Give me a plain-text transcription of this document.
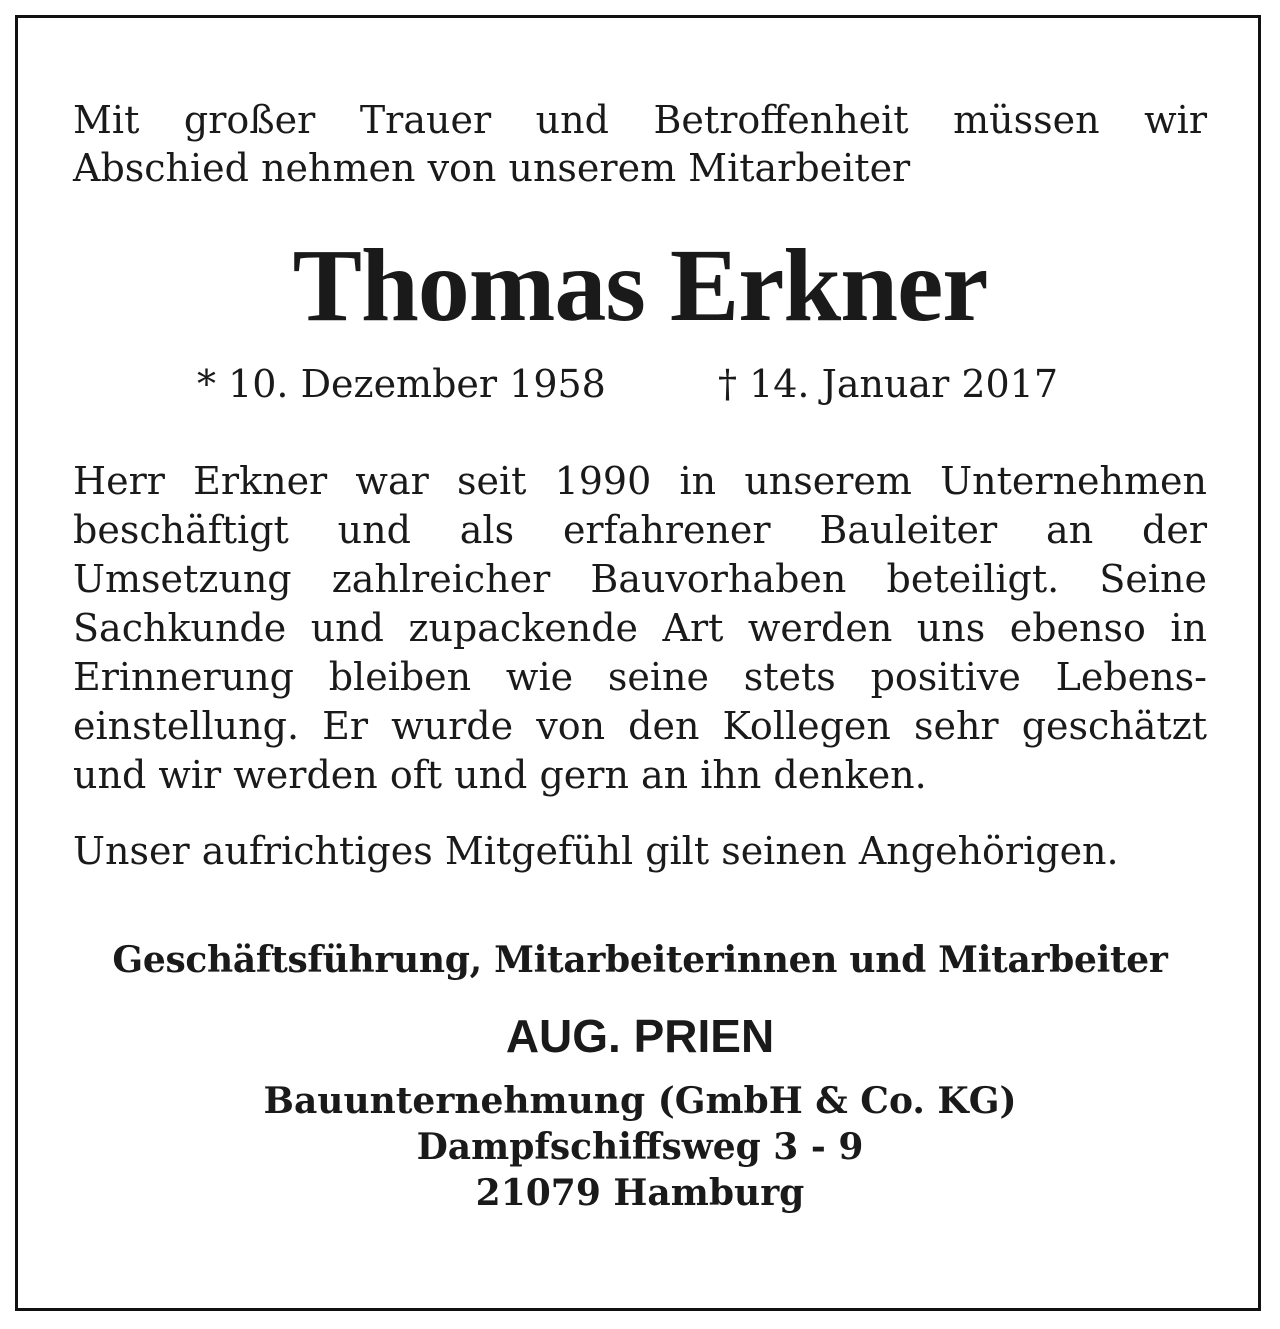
Mit großer Trauer und Betroffenheit müssen wir
Abschied nehmen von unserem Mitarbeiter
Thomas Erkner
* 10. Dezember 1958	† 14. Januar 2017
Herr Erkner war seit 1990 in unserem Unternehmen
beschäftigt und als erfahrener Bauleiter an der
Umsetzung zahlreicher Bauvorhaben beteiligt. Seine
Sachkunde und zupackende Art werden uns ebenso in
Erinnerung bleiben wie seine stets positive Lebens-
einstellung. Er wurde von den Kollegen sehr geschätzt
und wir werden oft und gern an ihn denken.
Unser aufrichtiges Mitgefühl gilt seinen Angehörigen.
Geschäftsführung, Mitarbeiterinnen und Mitarbeiter
AUG. PRIEN
Bauunternehmung (GmbH & Co. KG)
Dampfschiffsweg 3 - 9
21079 Hamburg
